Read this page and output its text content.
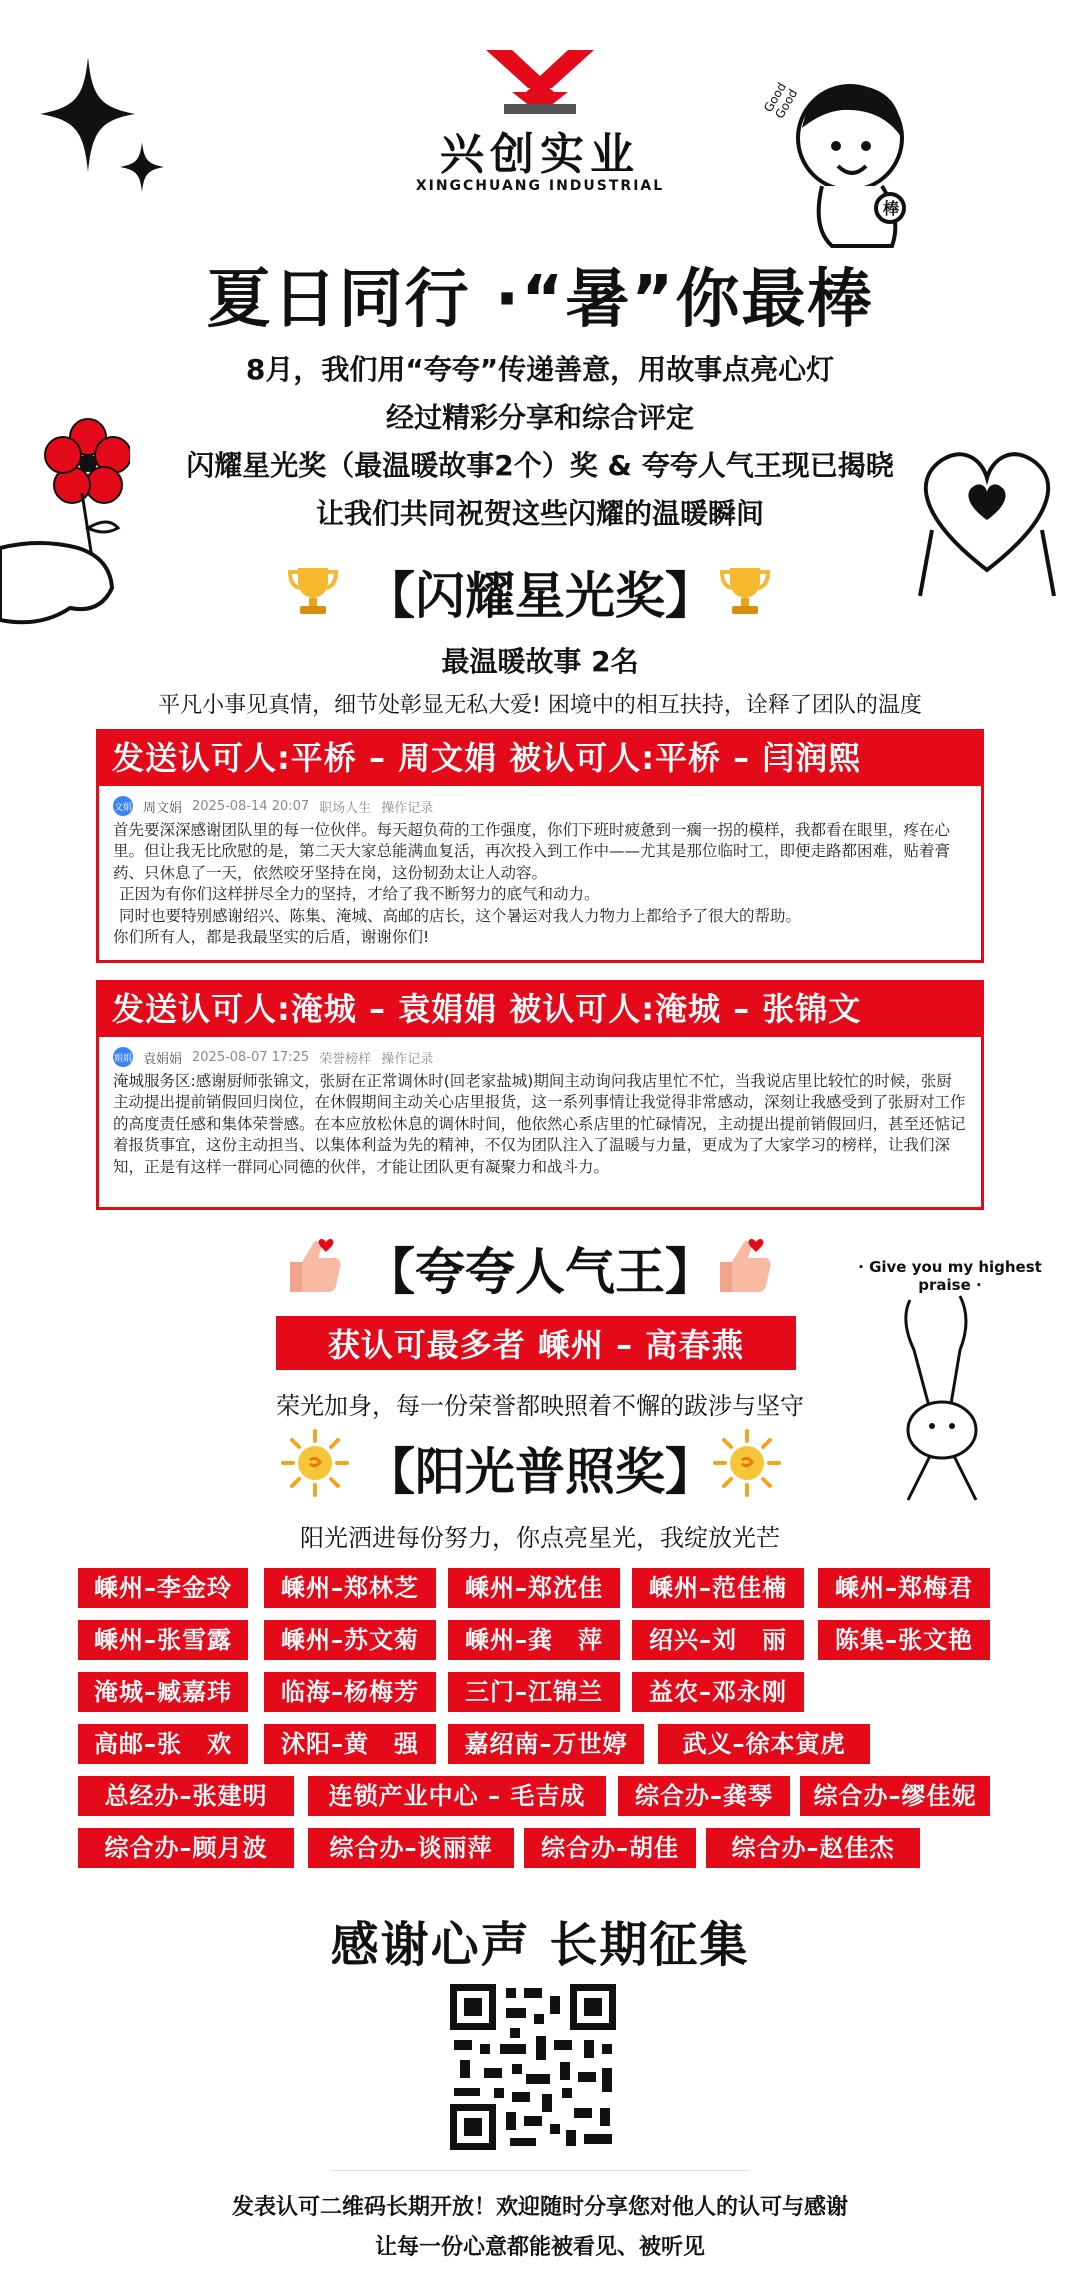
兴创实业
XINGCHUANG INDUSTRIAL
棒
Good Good
夏日同行 ·“暑”你最棒
8月，我们用“夸夸”传递善意，用故事点亮心灯
经过精彩分享和综合评定
闪耀星光奖（最温暖故事2个）奖 & 夸夸人气王现已揭晓
让我们共同祝贺这些闪耀的温暖瞬间
【闪耀星光奖】
最温暖故事 2名
平凡小事见真情，细节处彰显无私大爱! 困境中的相互扶持，诠释了团队的温度
发送认可人:平桥 – 周文娟 被认可人:平桥 – 闫润熙
文娟 周文娟 2025-08-14 20:07 职场人生 操作记录

首先要深深感谢团队里的每一位伙伴。每天超负荷的工作强度，你们下班时疲惫到一瘸一拐的模样，我都看在眼里，疼在心里。但让我无比欣慰的是，第二天大家总能满血复活，再次投入到工作中——尤其是那位临时工，即便走路都困难，贴着膏药、只休息了一天，依然咬牙坚持在岗，这份韧劲太让人动容。

正因为有你们这样拼尽全力的坚持，才给了我不断努力的底气和动力。

同时也要特别感谢绍兴、陈集、淹城、高邮的店长，这个暑运对我人力物力上都给予了很大的帮助。

你们所有人，都是我最坚实的后盾，谢谢你们!

发送认可人:淹城 – 袁娟娟 被认可人:淹城 – 张锦文
娟娟 袁娟娟 2025-08-07 17:25 荣誉榜样 操作记录

淹城服务区:感谢厨师张锦文，张厨在正常调休时(回老家盐城)期间主动询问我店里忙不忙，当我说店里比较忙的时候，张厨主动提出提前销假回归岗位，在休假期间主动关心店里报货，这一系列事情让我觉得非常感动，深刻让我感受到了张厨对工作的高度责任感和集体荣誉感。在本应放松休息的调休时间，他依然心系店里的忙碌情况，主动提出提前销假回归，甚至还惦记着报货事宜，这份主动担当、以集体利益为先的精神，不仅为团队注入了温暖与力量，更成为了大家学习的榜样，让我们深知，正是有这样一群同心同德的伙伴，才能让团队更有凝聚力和战斗力。

【夸夸人气王】
获认可最多者 嵊州 – 高春燕
荣光加身，每一份荣誉都映照着不懈的跋涉与坚守
· Give you my highest praise ·
【阳光普照奖】
阳光洒进每份努力，你点亮星光，我绽放光芒
嵊州–李金玲	嵊州–郑林芝	嵊州–郑沈佳	嵊州–范佳楠	嵊州–郑梅君
嵊州–张雪露	嵊州–苏文菊	嵊州–龚　萍	绍兴–刘　丽	陈集–张文艳
淹城–臧嘉玮	临海–杨梅芳	三门–江锦兰	益农–邓永刚
高邮–张　欢	沭阳–黄　强	嘉绍南–万世婷	武义–徐本寅虎
总经办–张建明	连锁产业中心 – 毛吉成	综合办–龚琴	综合办–缪佳妮
综合办–顾月波	综合办–谈丽萍	综合办–胡佳	综合办–赵佳杰
感谢心声 长期征集
发表认可二维码长期开放！欢迎随时分享您对他人的认可与感谢
让每一份心意都能被看见、被听见
